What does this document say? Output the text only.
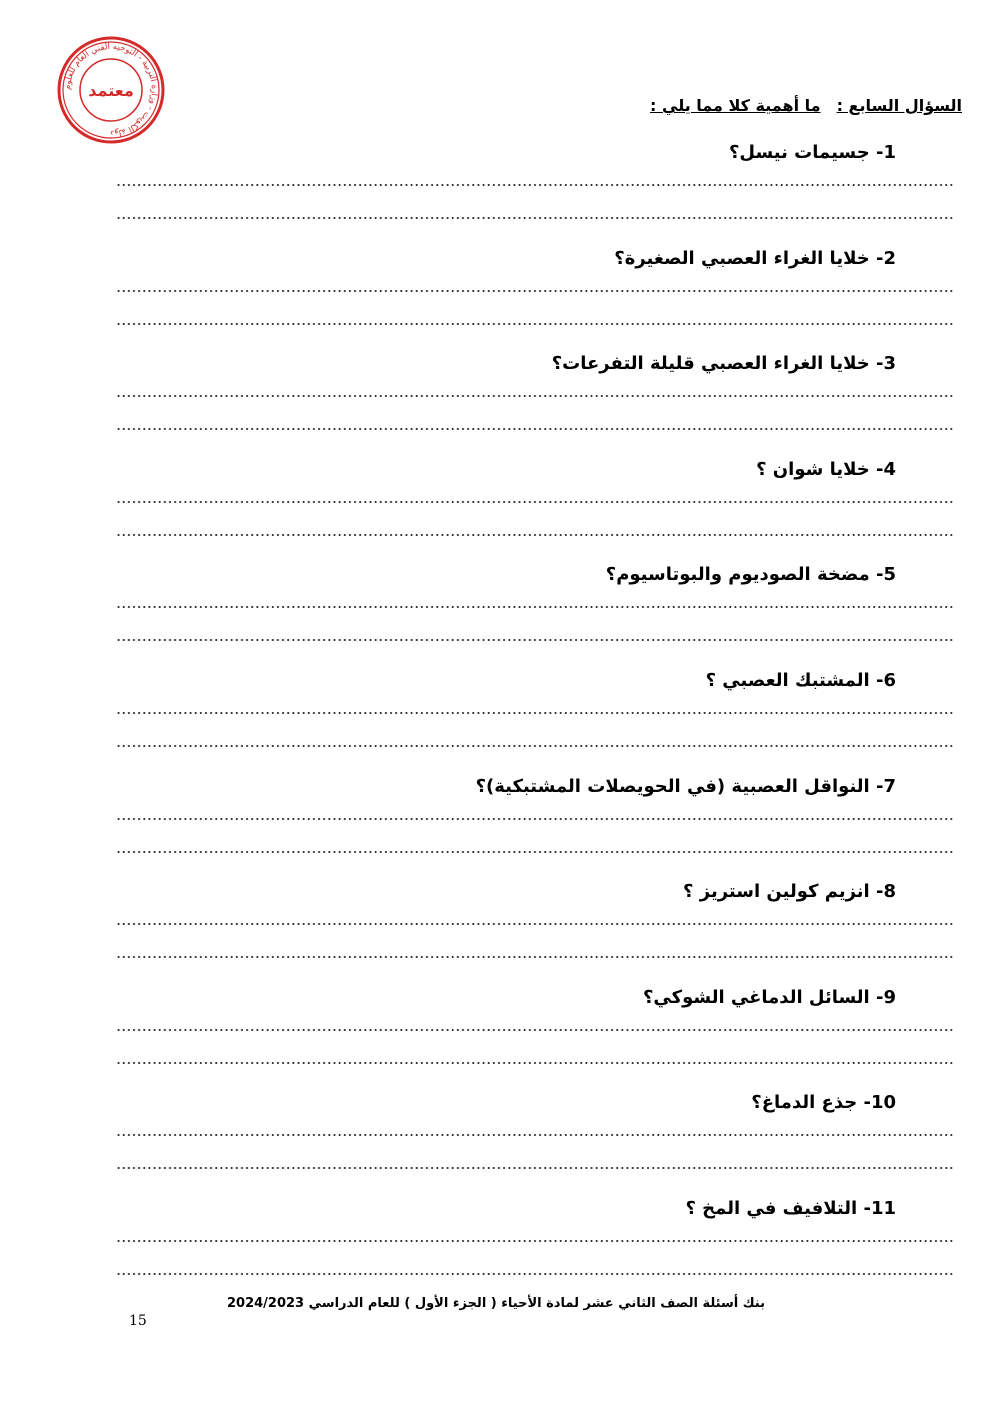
دولة الكويت - وزارة التربية - التوجيه الفني العام للعلوم
معتمد
السؤال السابع :ما أهمية كلا مما يلي :
1- جسيمات نيسل؟
2- خلايا الغراء العصبي الصغيرة؟
3- خلايا الغراء العصبي قليلة التفرعات؟
4- خلايا شوان ؟
5- مضخة الصوديوم والبوتاسيوم؟
6- المشتبك العصبي ؟
7- النواقل العصبية (في الحويصلات المشتبكية)؟
8- انزيم كولين استريز ؟
9- السائل الدماغي الشوكي؟
10- جذع الدماغ؟
11- التلافيف في المخ ؟
بنك أسئلة الصف الثاني عشر لمادة الأحياء ( الجزء الأول ) للعام الدراسي 2024/2023
15
